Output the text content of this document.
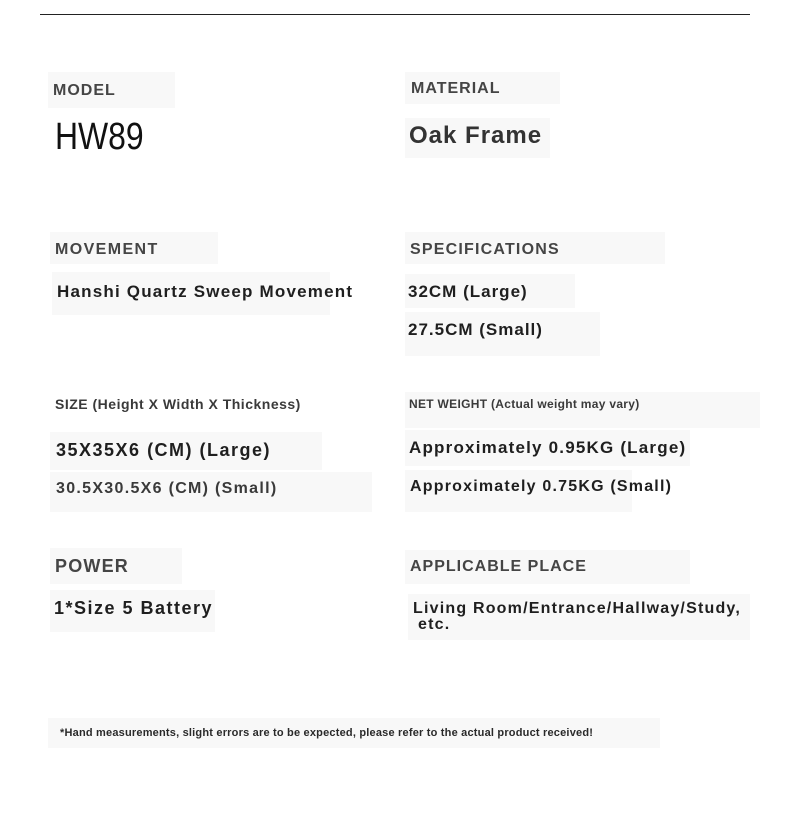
MODEL
HW89
MATERIAL
Oak Frame
MOVEMENT
Hanshi Quartz Sweep Movement
SPECIFICATIONS
32CM (Large)
27.5CM (Small)
SIZE (Height X Width X Thickness)
35X35X6 (CM) (Large)
30.5X30.5X6 (CM) (Small)
NET WEIGHT (Actual weight may vary)
Approximately 0.95KG (Large)
Approximately 0.75KG (Small)
POWER
1*Size 5 Battery
APPLICABLE PLACE
Living Room/Entrance/Hallway/Study,
etc.
*Hand measurements, slight errors are to be expected, please refer to the actual product received!
